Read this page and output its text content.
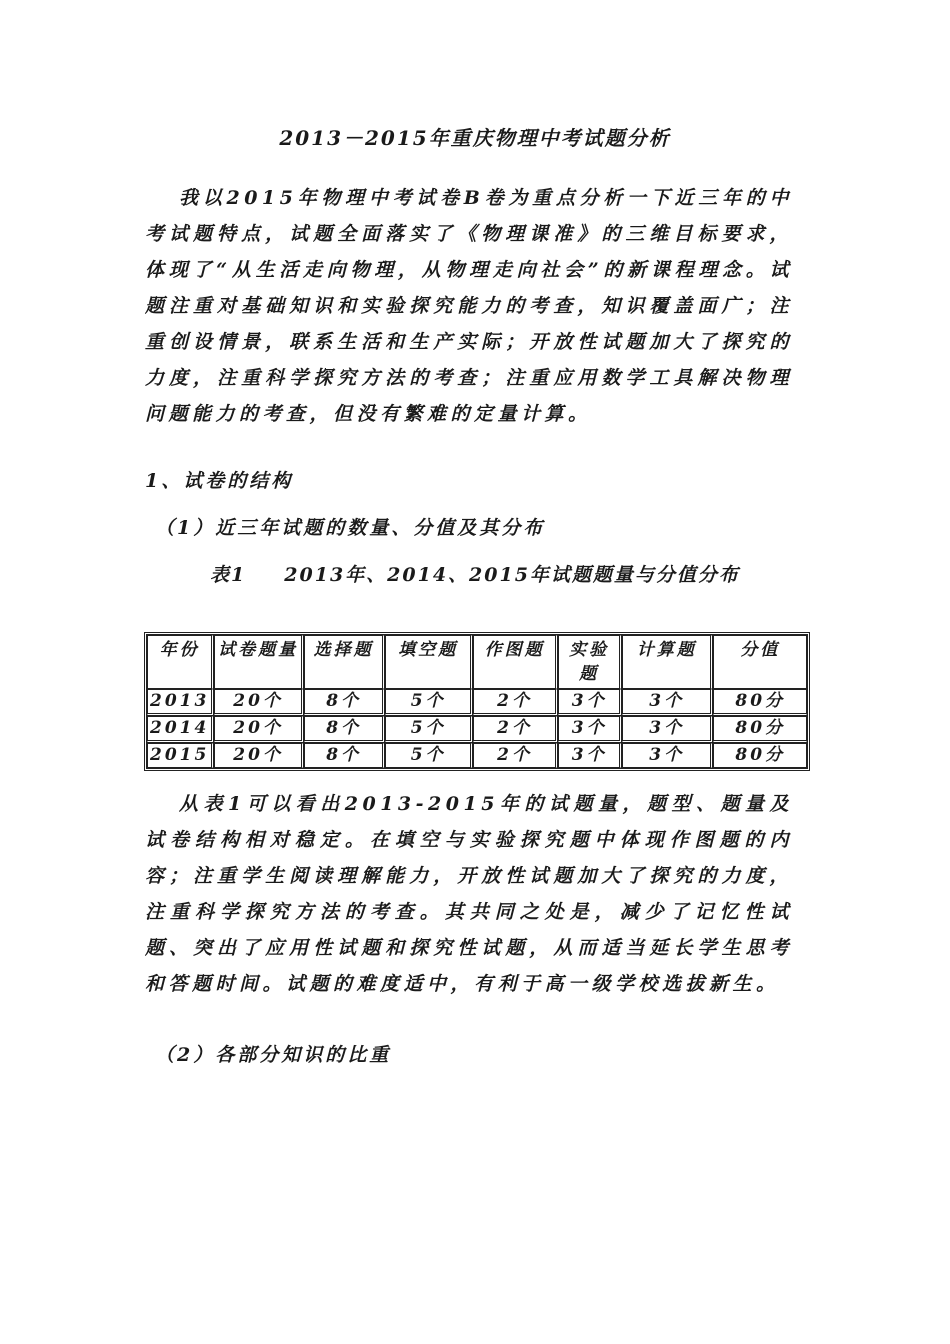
2013－2015年重庆物理中考试题分析

我以2015年物理中考试卷B卷为重点分析一下近三年的中考试题特点，试题全面落实了《物理课准》的三维目标要求，体现了“从生活走向物理，从物理走向社会”的新课程理念。试题注重对基础知识和实验探究能力的考查，知识覆盖面广；注重创设情景，联系生活和生产实际；开放性试题加大了探究的力度，注重科学探究方法的考查；注重应用数学工具解决物理问题能力的考查，但没有繁难的定量计算。

1、试卷的结构
（1）近三年试题的数量、分值及其分布
表1 2013年、2014、2015年试题题量与分值分布
年份	试卷题量	选择题	填空题	作图题	实验题	计算题	分值
2013	20个	8个	5个	2个	3个	3个	80分
2014	20个	8个	5个	2个	3个	3个	80分
2015	20个	8个	5个	2个	3个	3个	80分

从表1可以看出2013-2015年的试题量，题型、题量及试卷结构相对稳定。在填空与实验探究题中体现作图题的内容；注重学生阅读理解能力，开放性试题加大了探究的力度，注重科学探究方法的考查。其共同之处是，减少了记忆性试题、突出了应用性试题和探究性试题，从而适当延长学生思考和答题时间。试题的难度适中，有利于高一级学校选拔新生。

（2）各部分知识的比重
